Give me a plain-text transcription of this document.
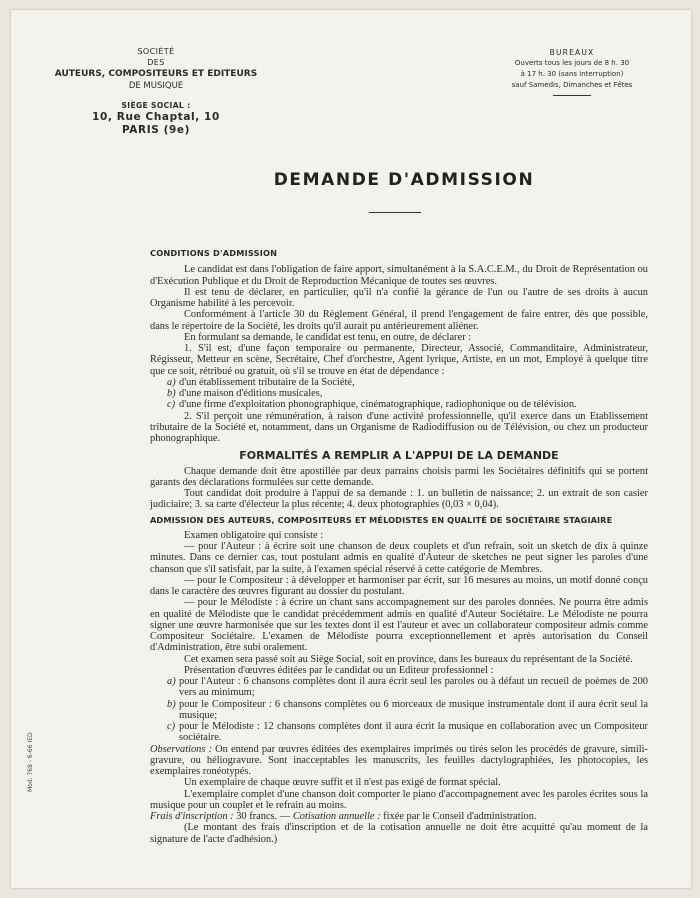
SOCIÉTÉ
DES
AUTEURS, COMPOSITEURS ET EDITEURS
DE MUSIQUE
SIÈGE SOCIAL :
10, Rue Chaptal, 10
PARIS (9e)
BUREAUX
Ouverts tous les jours de 8 h. 30
à 17 h. 30 (sans interruption)
sauf Samedis, Dimanches et Fêtes
DEMANDE D'ADMISSION
CONDITIONS D'ADMISSION

Le candidat est dans l'obligation de faire apport, simultanément à la S.A.C.E.M., du Droit de Représentation ou d'Exécution Publique et du Droit de Reproduction Mécanique de toutes ses œuvres.

Il est tenu de déclarer, en particulier, qu'il n'a confié la gérance de l'un ou l'autre de ses droits à aucun Organisme habilité à les percevoir.

Conformément à l'article 30 du Règlement Général, il prend l'engagement de faire entrer, dès que possible, dans le répertoire de la Société, les droits qu'il aurait pu antérieurement aliéner.

En formulant sa demande, le candidat est tenu, en outre, de déclarer :

1. S'il est, d'une façon temporaire ou permanente, Directeur, Associé, Commanditaire, Administrateur, Régisseur, Metteur en scène, Secrétaire, Chef d'orchestre, Agent lyrique, Artiste, en un mot, Employé à quelque titre que ce soit, rétribué ou gratuit, où s'il se trouve en état de dépendance :

a) d'un établissement tributaire de la Société,
b) d'une maison d'éditions musicales,
c) d'une firme d'exploitation phonographique, cinématographique, radiophonique ou de télévision.

2. S'il perçoit une rémunération, à raison d'une activité professionnelle, qu'il exerce dans un Etablissement tributaire de la Société et, notamment, dans un Organisme de Radiodiffusion ou de Télévision, ou chez un producteur phonographique.

FORMALITÉS A REMPLIR A L'APPUI DE LA DEMANDE

Chaque demande doit être apostillée par deux parrains choisis parmi les Sociétaires définitifs qui se portent garants des déclarations formulées sur cette demande.

Tout candidat doit produire à l'appui de sa demande : 1. un bulletin de naissance; 2. un extrait de son casier judiciaire; 3. sa carte d'électeur la plus récente; 4. deux photographies (0,03 × 0,04).

ADMISSION DES AUTEURS, COMPOSITEURS ET MÉLODISTES EN QUALITÉ DE SOCIÉTAIRE STAGIAIRE

Examen obligatoire qui consiste :

— pour l'Auteur : à écrire soit une chanson de deux couplets et d'un refrain, soit un sketch de dix à quinze minutes. Dans ce dernier cas, tout postulant admis en qualité d'Auteur de sketches ne peut signer les paroles d'une chanson que s'il satisfait, par la suite, à l'examen spécial réservé à cette catégorie de Membres.

— pour le Compositeur : à développer et harmoniser par écrit, sur 16 mesures au moins, un motif donné conçu dans le caractère des œuvres figurant au dossier du postulant.

— pour le Mélodiste : à écrire un chant sans accompagnement sur des paroles données. Ne pourra être admis en qualité de Mélodiste que le candidat précédemment admis en qualité d'Auteur Sociétaire. Le Mélodiste ne pourra signer une œuvre harmonisée que sur les textes dont il est l'auteur et avec un collaborateur compositeur admis comme Compositeur Sociétaire. L'examen de Mélodiste pourra exceptionnellement et après autorisation du Conseil d'Administration, être subi oralement.

Cet examen sera passé soit au Siège Social, soit en province, dans les bureaux du représentant de la Société.

Présentation d'œuvres éditées par le candidat ou un Editeur professionnel :

a) pour l'Auteur : 6 chansons complètes dont il aura écrit seul les paroles ou à défaut un recueil de poèmes de 200 vers au minimum;
b) pour le Compositeur : 6 chansons complètes ou 6 morceaux de musique instrumentale dont il aura écrit seul la musique;
c) pour le Mélodiste : 12 chansons complètes dont il aura écrit la musique en collaboration avec un Compositeur sociétaire.

Observations : On entend par œuvres éditées des exemplaires imprimés ou tirés selon les procédés de gravure, simili-gravure, ou héliogravure. Sont inacceptables les manuscrits, les feuilles dactylographiées, les photocopies, les exemplaires ronéotypés.

Un exemplaire de chaque œuvre suffit et il n'est pas exigé de format spécial.

L'exemplaire complet d'une chanson doit comporter le piano d'accompagnement avec les paroles écrites sous la musique pour un couplet et le refrain au moins.

Frais d'inscription : 30 francs. — Cotisation annuelle : fixée par le Conseil d'administration.

(Le montant des frais d'inscription et de la cotisation annuelle ne doit être acquitté qu'au moment de la signature de l'acte d'adhésion.)

Mod. 768 - 6-66 IED
